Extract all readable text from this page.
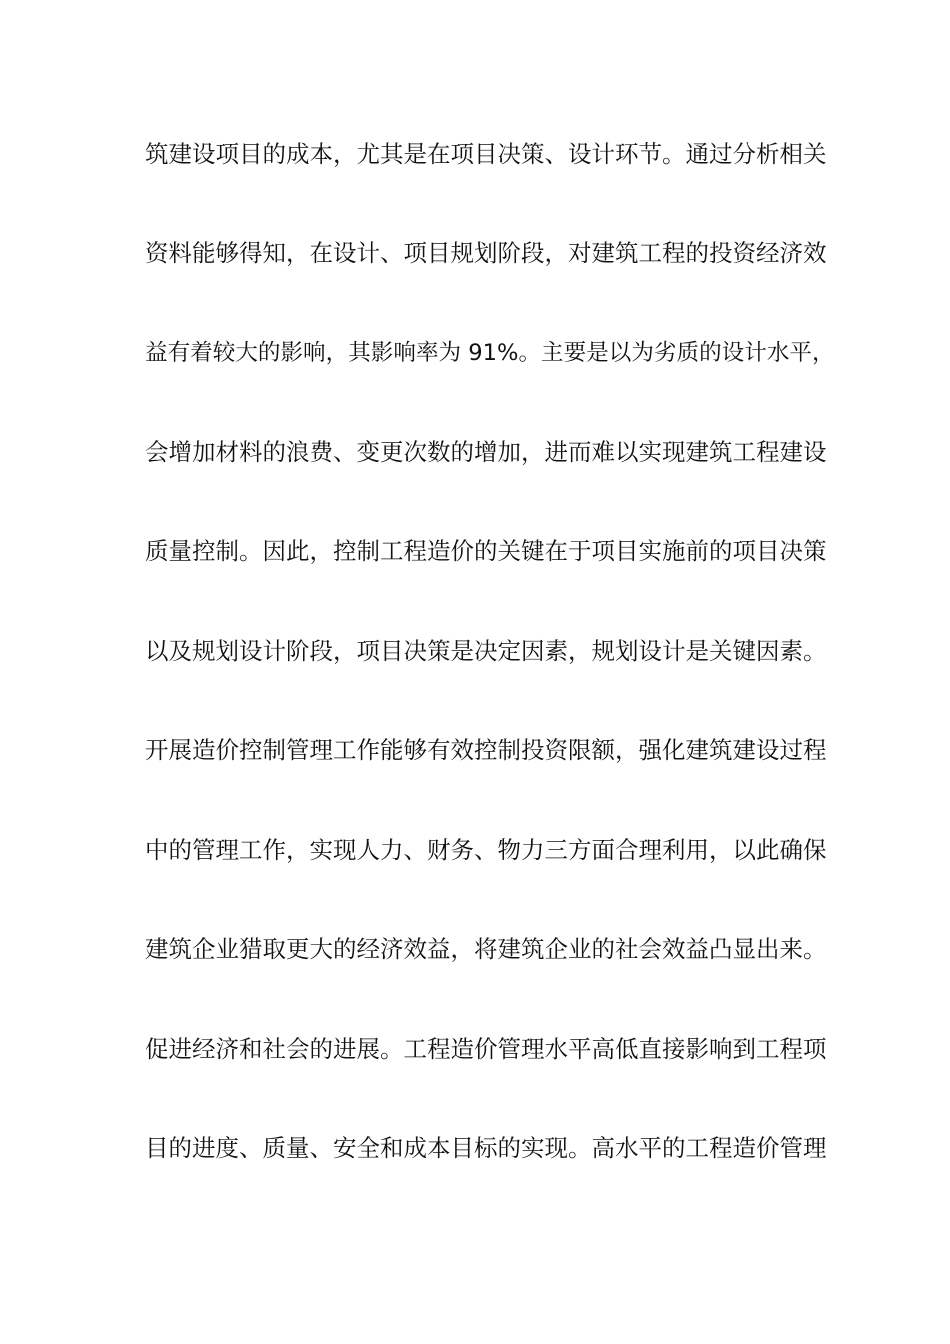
筑建设项目的成本，尤其是在项目决策、设计环节。通过分析相关
资料能够得知，在设计、项目规划阶段，对建筑工程的投资经济效
益有着较大的影响，其影响率为 91%。主要是以为劣质的设计水平，
会增加材料的浪费、变更次数的增加，进而难以实现建筑工程建设
质量控制。因此，控制工程造价的关键在于项目实施前的项目决策
以及规划设计阶段，项目决策是决定因素，规划设计是关键因素。
开展造价控制管理工作能够有效控制投资限额，强化建筑建设过程
中的管理工作，实现人力、财务、物力三方面合理利用，以此确保
建筑企业猎取更大的经济效益，将建筑企业的社会效益凸显出来。
促进经济和社会的进展。工程造价管理水平高低直接影响到工程项
目的进度、质量、安全和成本目标的实现。高水平的工程造价管理
